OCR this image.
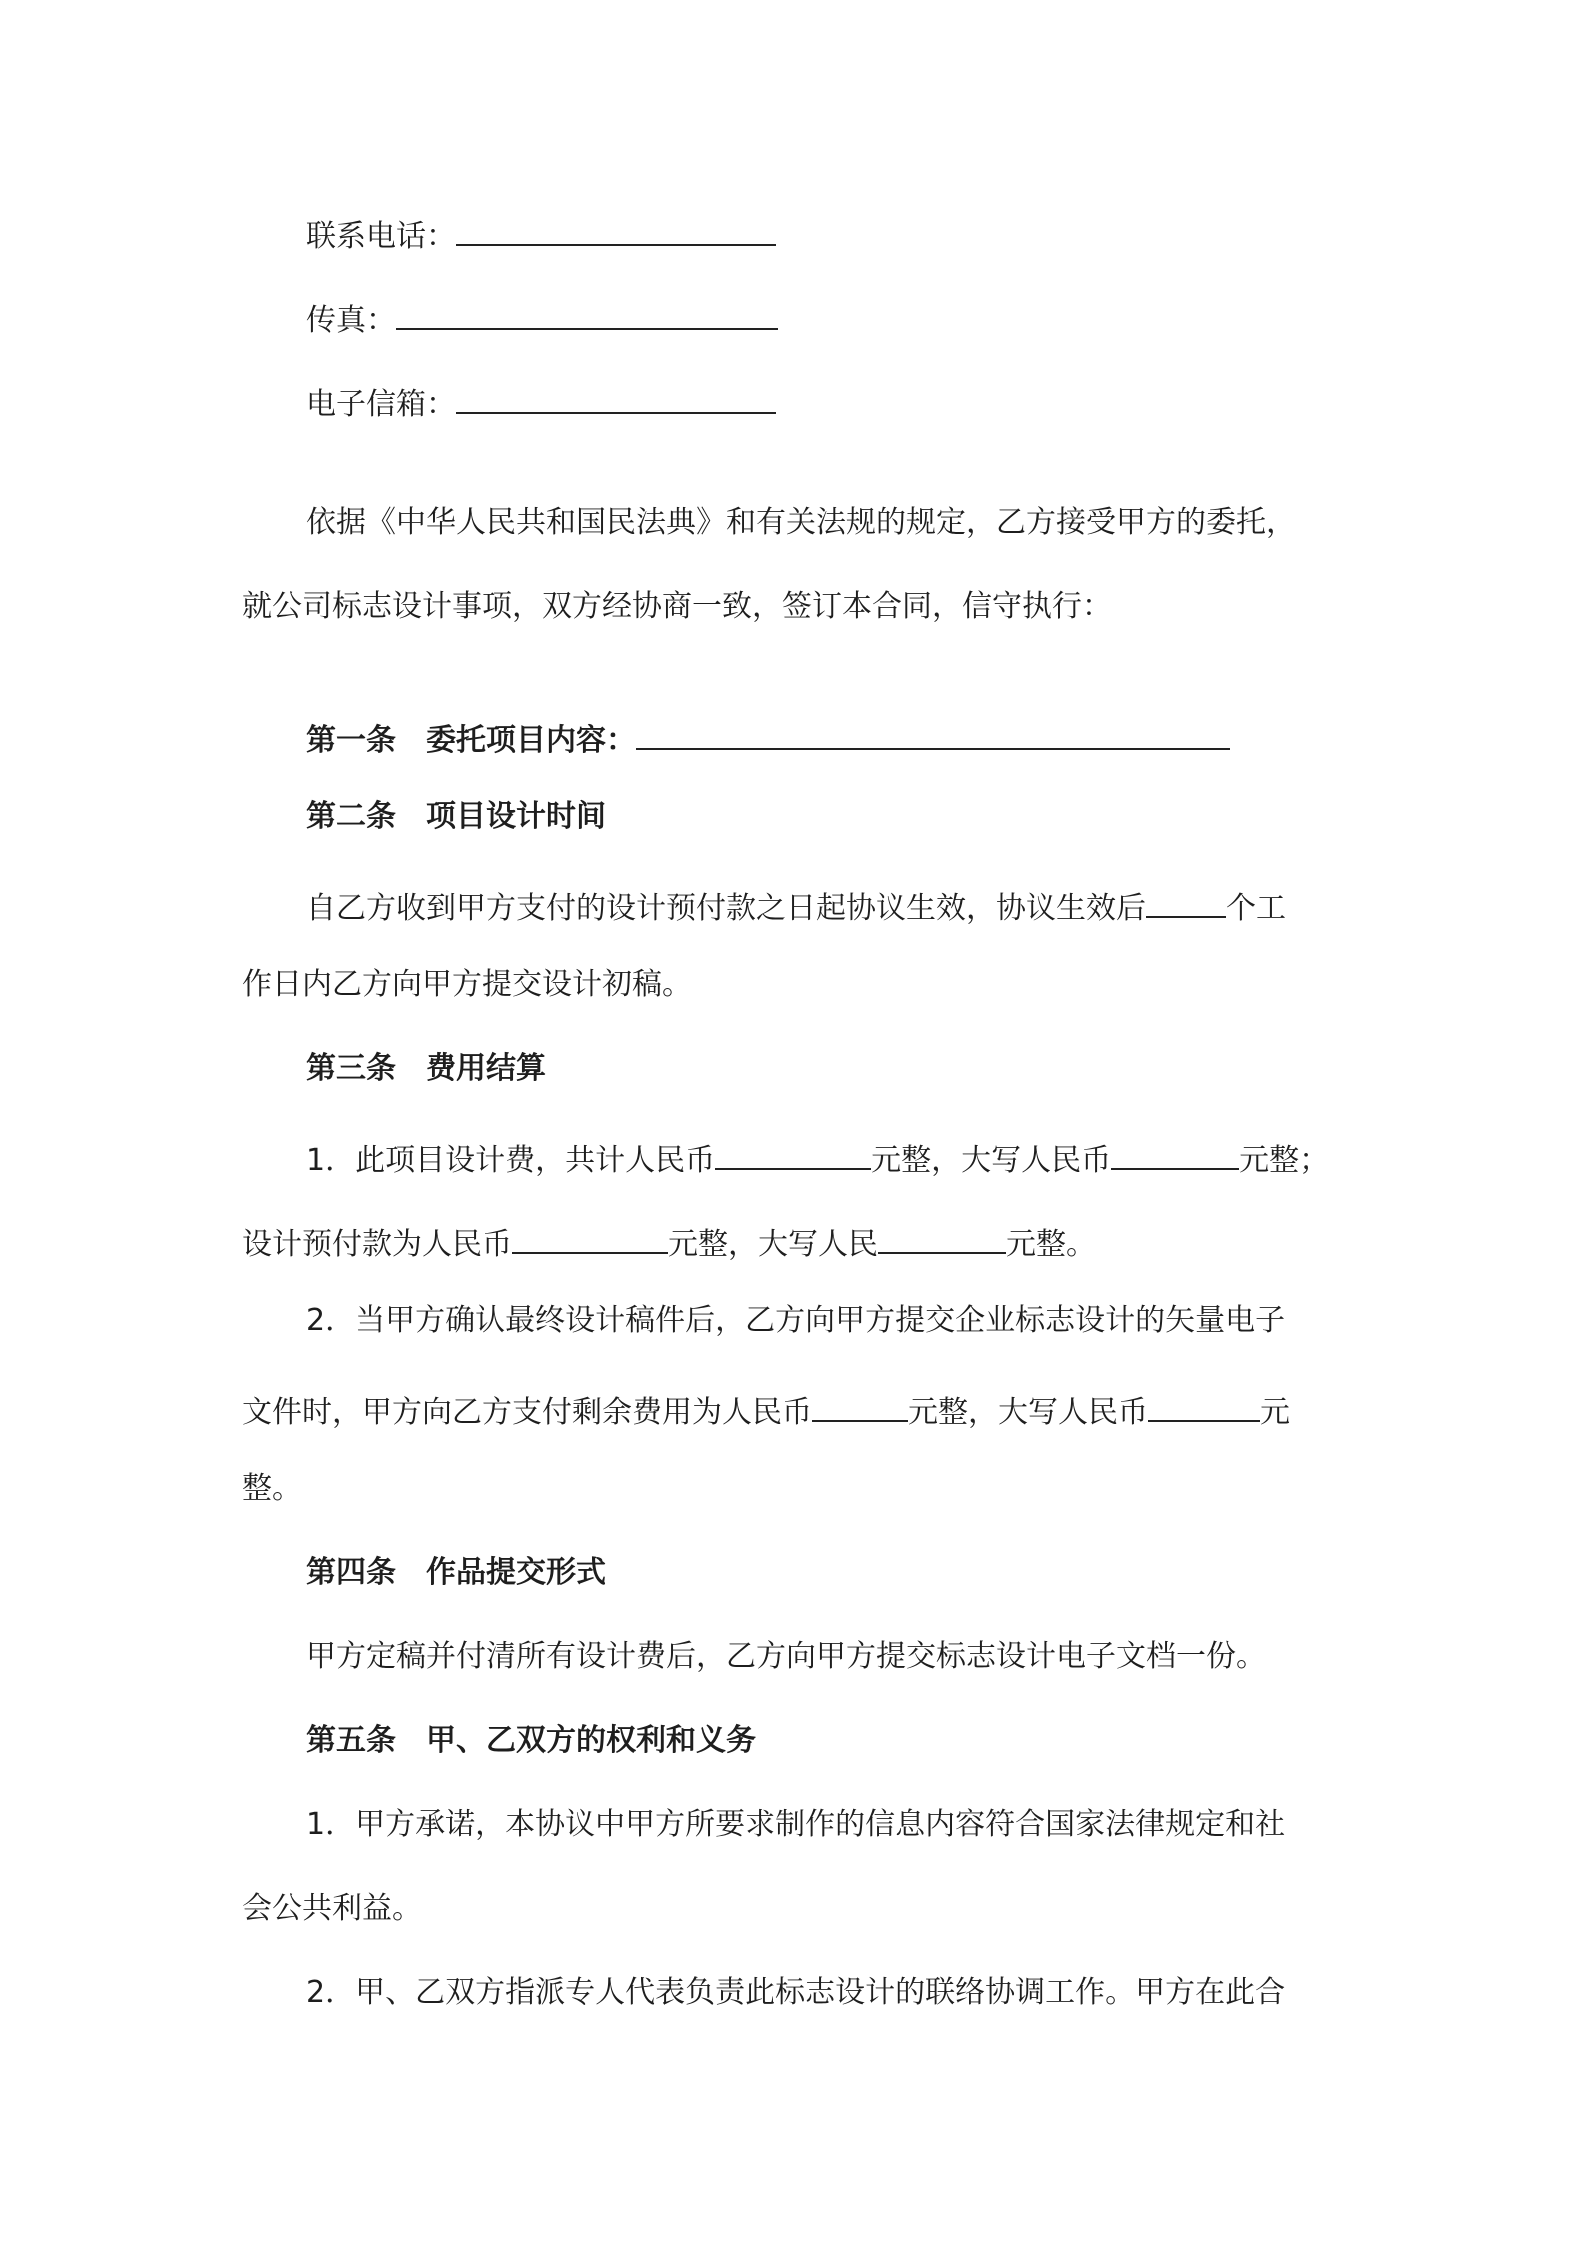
联系电话：
传真：
电子信箱：
依据《中华人民共和国民法典》和有关法规的规定，乙方接受甲方的委托，
就公司标志设计事项，双方经协商一致，签订本合同，信守执行：
第一条 委托项目内容：
第二条 项目设计时间
自乙方收到甲方支付的设计预付款之日起协议生效，协议生效后	个工
作日内乙方向甲方提交设计初稿。
第三条 费用结算
1．此项目设计费，共计人民币	元整，大写人民币	元整；
设计预付款为人民币	元整，大写人民	元整。
2．当甲方确认最终设计稿件后，乙方向甲方提交企业标志设计的矢量电子
文件时，甲方向乙方支付剩余费用为人民币	元整，大写人民币	元
整。
第四条 作品提交形式
甲方定稿并付清所有设计费后，乙方向甲方提交标志设计电子文档一份。
第五条 甲、乙双方的权利和义务
1．甲方承诺，本协议中甲方所要求制作的信息内容符合国家法律规定和社
会公共利益。
2．甲、乙双方指派专人代表负责此标志设计的联络协调工作。甲方在此合
